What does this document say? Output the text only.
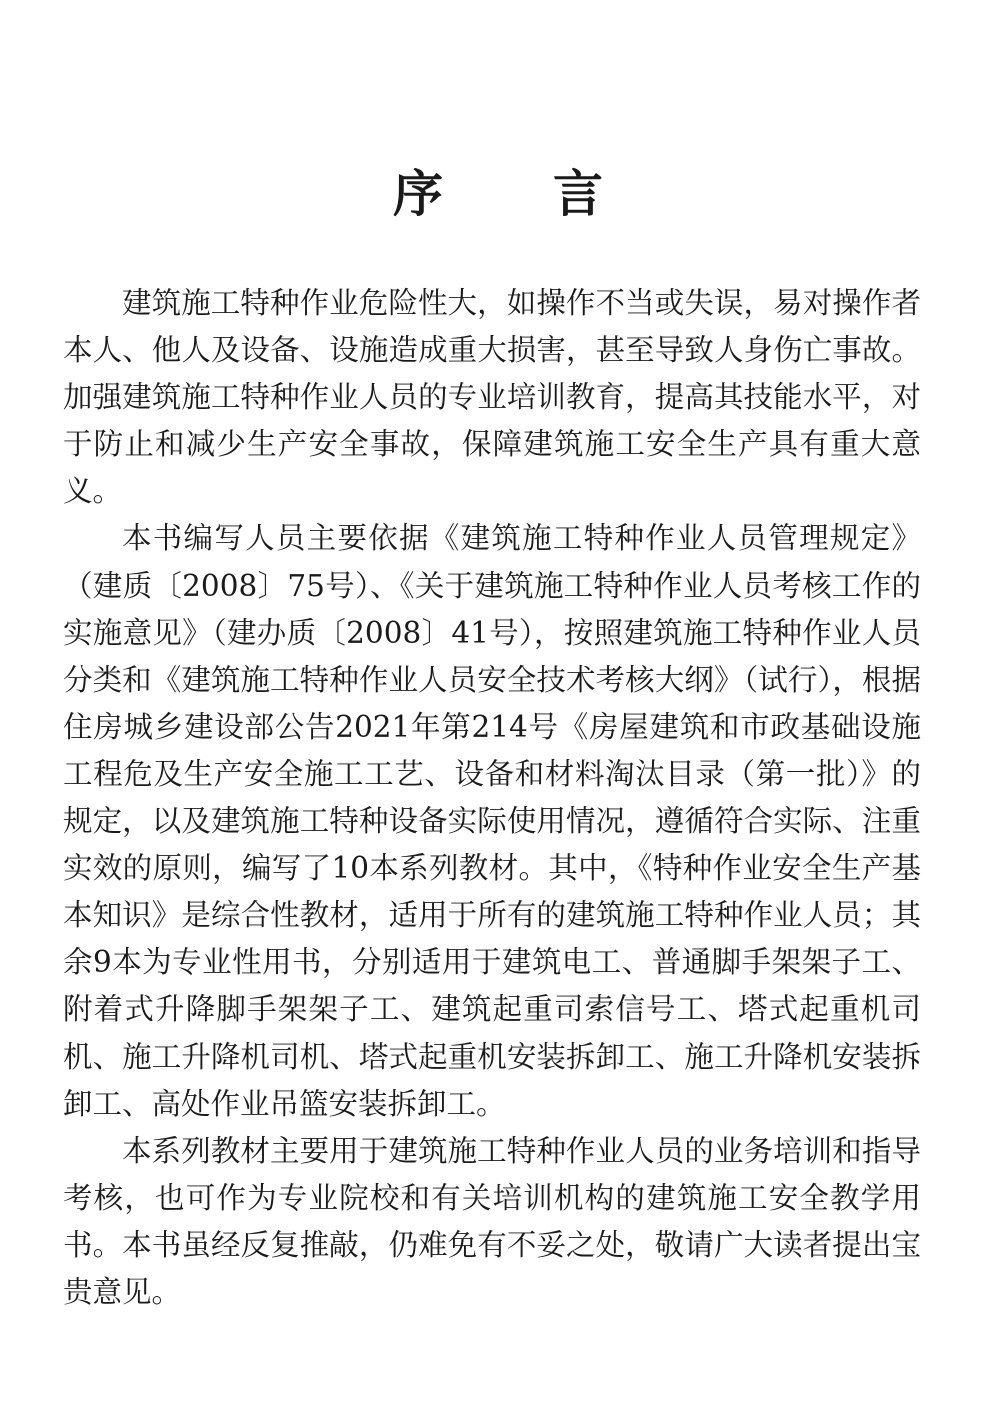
序 言

建筑施工特种作业危险性大，如操作不当或失误，易对操作者本人、他人及设备、设施造成重大损害，甚至导致人身伤亡事故。加强建筑施工特种作业人员的专业培训教育，提高其技能水平，对于防止和减少生产安全事故，保障建筑施工安全生产具有重大意义。

本书编写人员主要依据《建筑施工特种作业人员管理规定》（建质〔2008〕75号）、《关于建筑施工特种作业人员考核工作的实施意见》（建办质〔2008〕41号），按照建筑施工特种作业人员分类和《建筑施工特种作业人员安全技术考核大纲》（试行），根据住房城乡建设部公告2021年第214号《房屋建筑和市政基础设施工程危及生产安全施工工艺、设备和材料淘汰目录（第一批）》的规定，以及建筑施工特种设备实际使用情况，遵循符合实际、注重实效的原则，编写了10本系列教材。其中，《特种作业安全生产基本知识》是综合性教材，适用于所有的建筑施工特种作业人员；其余9本为专业性用书，分别适用于建筑电工、普通脚手架架子工、附着式升降脚手架架子工、建筑起重司索信号工、塔式起重机司机、施工升降机司机、塔式起重机安装拆卸工、施工升降机安装拆卸工、高处作业吊篮安装拆卸工。

本系列教材主要用于建筑施工特种作业人员的业务培训和指导考核，也可作为专业院校和有关培训机构的建筑施工安全教学用书。本书虽经反复推敲，仍难免有不妥之处，敬请广大读者提出宝贵意见。
